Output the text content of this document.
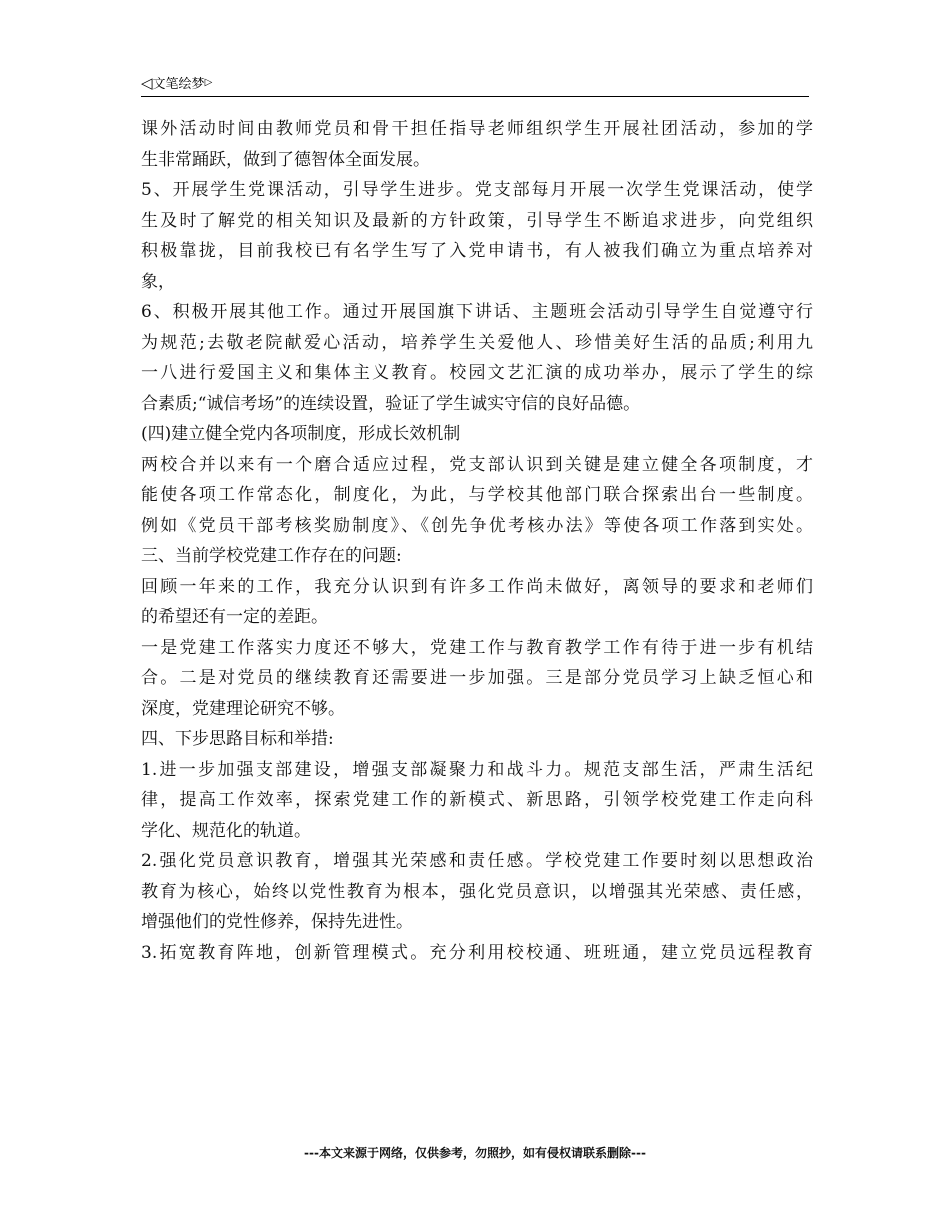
◁文笔绘梦▷
课外活动时间由教师党员和骨干担任指导老师组织学生开展社团活动，参加的学
生非常踊跃，做到了德智体全面发展。
5、开展学生党课活动，引导学生进步。党支部每月开展一次学生党课活动，使学
生及时了解党的相关知识及最新的方针政策，引导学生不断追求进步，向党组织
积极靠拢，目前我校已有名学生写了入党申请书，有人被我们确立为重点培养对
象，
6、积极开展其他工作。通过开展国旗下讲话、主题班会活动引导学生自觉遵守行
为规范;去敬老院献爱心活动，培养学生关爱他人、珍惜美好生活的品质;利用九
一八进行爱国主义和集体主义教育。校园文艺汇演的成功举办，展示了学生的综
合素质;“诚信考场”的连续设置，验证了学生诚实守信的良好品德。
(四)建立健全党内各项制度，形成长效机制
两校合并以来有一个磨合适应过程，党支部认识到关键是建立健全各项制度，才
能使各项工作常态化，制度化，为此，与学校其他部门联合探索出台一些制度。
例如《党员干部考核奖励制度》、《创先争优考核办法》等使各项工作落到实处。
三、当前学校党建工作存在的问题:
回顾一年来的工作，我充分认识到有许多工作尚未做好，离领导的要求和老师们
的希望还有一定的差距。
一是党建工作落实力度还不够大，党建工作与教育教学工作有待于进一步有机结
合。二是对党员的继续教育还需要进一步加强。三是部分党员学习上缺乏恒心和
深度，党建理论研究不够。
四、下步思路目标和举措:
1.进一步加强支部建设，增强支部凝聚力和战斗力。规范支部生活，严肃生活纪
律，提高工作效率，探索党建工作的新模式、新思路，引领学校党建工作走向科
学化、规范化的轨道。
2.强化党员意识教育，增强其光荣感和责任感。学校党建工作要时刻以思想政治
教育为核心，始终以党性教育为根本，强化党员意识，以增强其光荣感、责任感，
增强他们的党性修养，保持先进性。
3.拓宽教育阵地，创新管理模式。充分利用校校通、班班通，建立党员远程教育
---本文来源于网络，仅供参考，勿照抄，如有侵权请联系删除---
